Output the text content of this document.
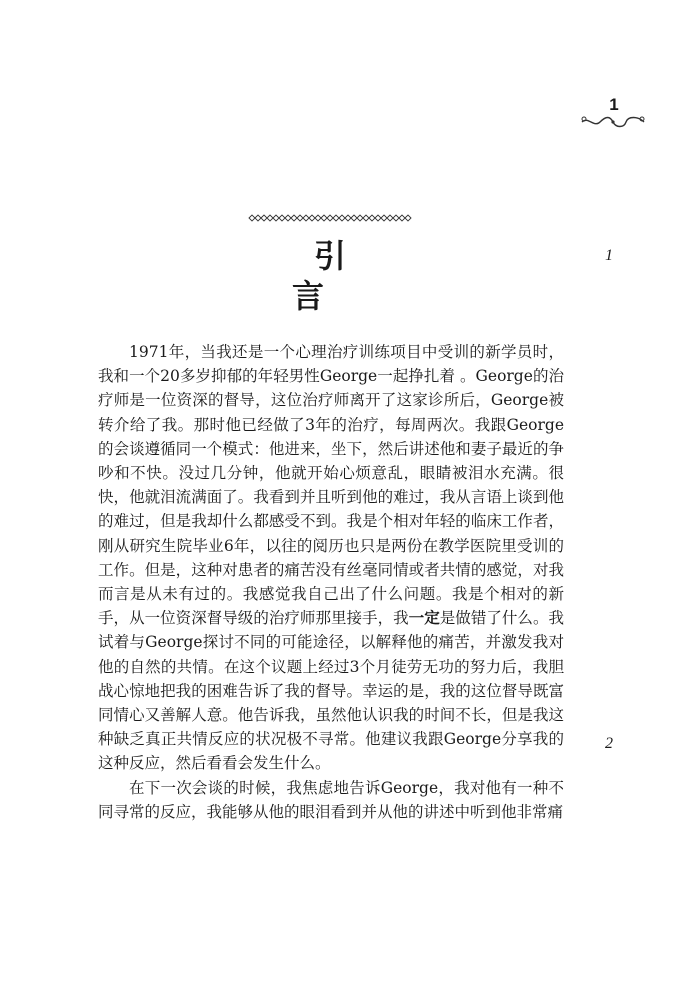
1
引言
1
2

1971年，当我还是一个心理治疗训练项目中受训的新学员时，我和一个20多岁抑郁的年轻男性George一起挣扎着 。George的治疗师是一位资深的督导，这位治疗师离开了这家诊所后，George被转介给了我。那时他已经做了3年的治疗，每周两次。我跟George的会谈遵循同一个模式：他进来，坐下，然后讲述他和妻子最近的争吵和不快。没过几分钟，他就开始心烦意乱，眼睛被泪水充满。很快，他就泪流满面了。我看到并且听到他的难过，我从言语上谈到他的难过，但是我却什么都感受不到。我是个相对年轻的临床工作者，刚从研究生院毕业6年，以往的阅历也只是两份在教学医院里受训的工作。但是，这种对患者的痛苦没有丝毫同情或者共情的感觉，对我而言是从未有过的。我感觉我自己出了什么问题。我是个相对的新手，从一位资深督导级的治疗师那里接手，我一定是做错了什么。我试着与George探讨不同的可能途径，以解释他的痛苦，并激发我对他的自然的共情。在这个议题上经过3个月徒劳无功的努力后，我胆战心惊地把我的困难告诉了我的督导。幸运的是，我的这位督导既富同情心又善解人意。他告诉我，虽然他认识我的时间不长，但是我这种缺乏真正共情反应的状况极不寻常。他建议我跟George分享我的这种反应，然后看看会发生什么。

在下一次会谈的时候，我焦虑地告诉George，我对他有一种不同寻常的反应，我能够从他的眼泪看到并从他的讲述中听到他非常痛
